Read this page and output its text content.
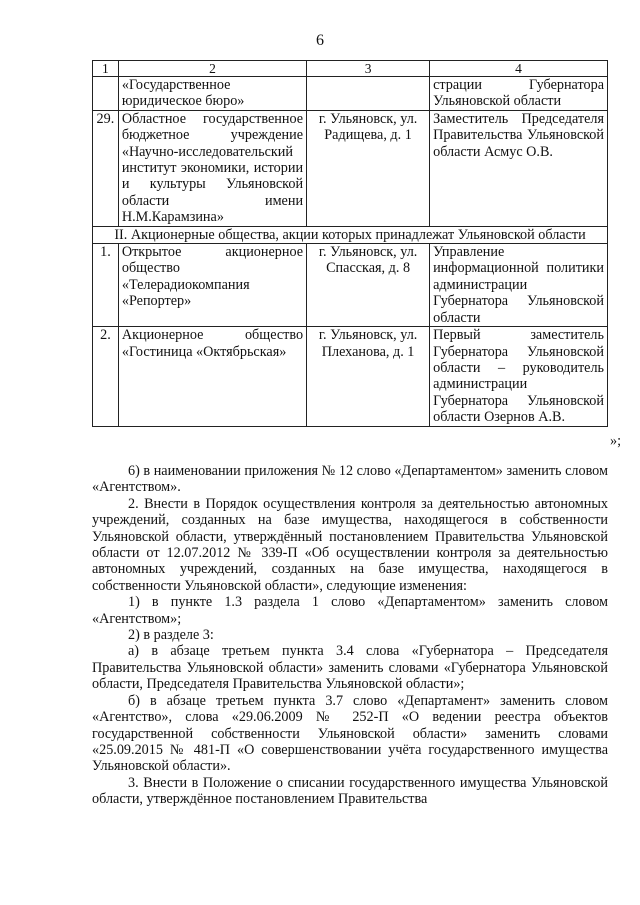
6
1	2	3	4
	«Государственное юридическое бюро»		страции Губернатора Ульяновской области
29.	Областное государственное бюджетное учреждение «Научно-исследовательский институт экономики, истории и культуры Ульяновской области имени Н.М.Карамзина»	г. Ульяновск, ул. Радищева, д. 1	Заместитель Председателя Правительства Ульяновской области Асмус О.В.
II. Акционерные общества, акции которых принадлежат Ульяновской области			
1.	Открытое акционерное общество «Телерадиокомпания «Репортер»	г. Ульяновск, ул. Спасская, д. 8	Управление информационной политики администрации Губернатора Ульяновской области
2.	Акционерное общество «Гостиница «Октябрьская»	г. Ульяновск, ул. Плеханова, д. 1	Первый заместитель Губернатора Ульяновской области – руководитель администрации Губернатора Ульяновской области Озернов А.В.
»;

6) в наименовании приложения № 12 слово «Департаментом» заменить словом «Агентством».

2. Внести в Порядок осуществления контроля за деятельностью автономных учреждений, созданных на базе имущества, находящегося в собственности Ульяновской области, утверждённый постановлением Правительства Ульяновской области от 12.07.2012 № 339-П «Об осуществлении контроля за деятельностью автономных учреждений, созданных на базе имущества, находящегося в собственности Ульяновской области», следующие изменения:

1) в пункте 1.3 раздела 1 слово «Департаментом» заменить словом «Агентством»;

2) в разделе 3:

а) в абзаце третьем пункта 3.4 слова «Губернатора – Председателя Правительства Ульяновской области» заменить словами «Губернатора Ульяновской области, Председателя Правительства Ульяновской области»;

б) в абзаце третьем пункта 3.7 слово «Департамент» заменить словом «Агентство», слова «29.06.2009 № 252-П «О ведении реестра объектов государственной собственности Ульяновской области» заменить словами «25.09.2015 № 481-П «О совершенствовании учёта государственного имущества Ульяновской области».

3. Внести в Положение о списании государственного имущества Ульяновской области, утверждённое постановлением Правительства
